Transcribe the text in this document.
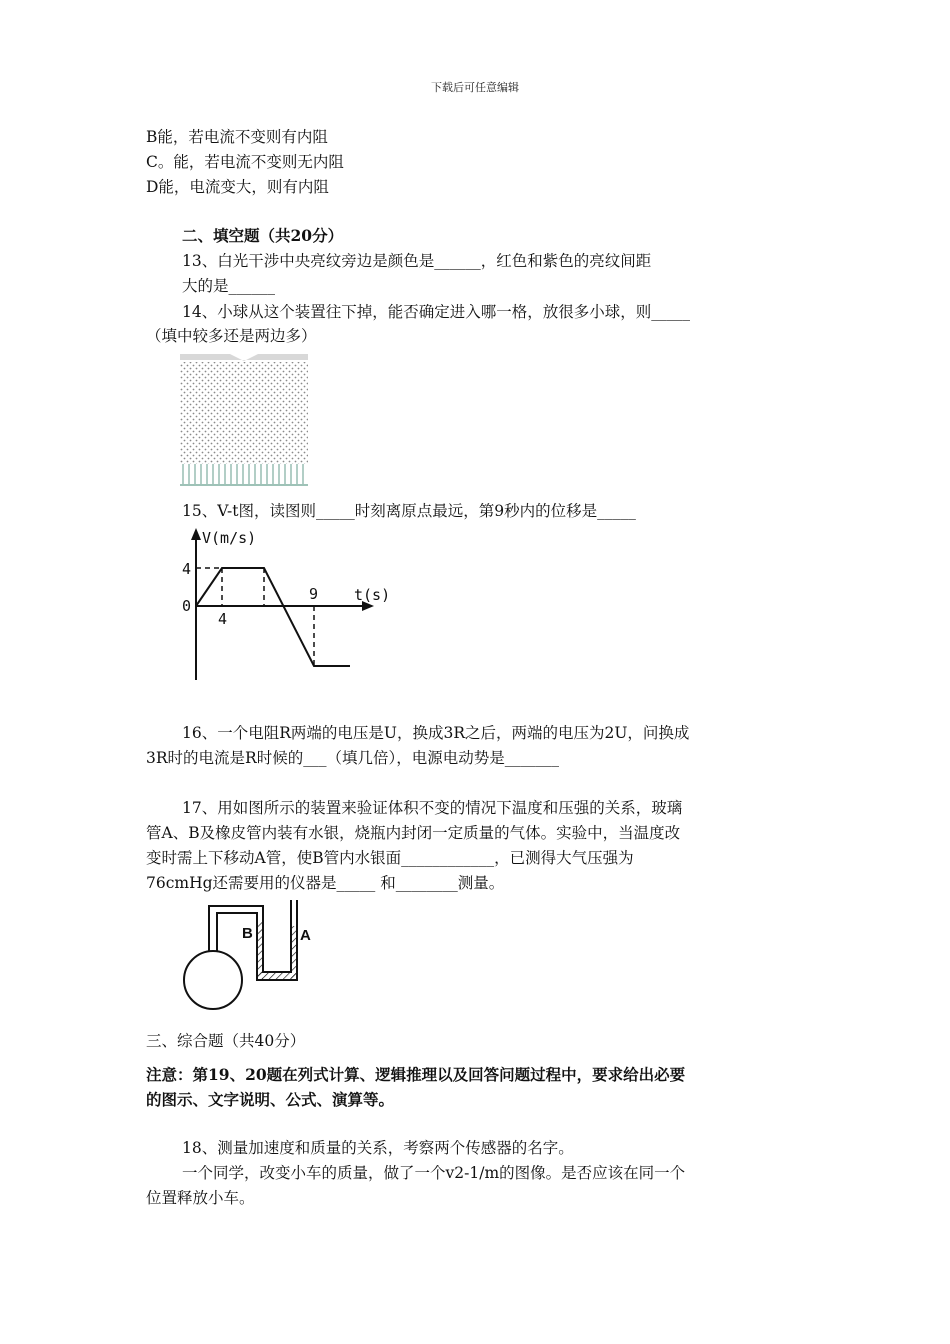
下载后可任意编辑
B能，若电流不变则有内阻
C。能，若电流不变则无内阻
D能，电流变大，则有内阻
二、填空题（共20分）
13、白光干涉中央亮纹旁边是颜色是______，红色和紫色的亮纹间距
大的是______
14、小球从这个装置往下掉，能否确定进入哪一格，放很多小球，则_____
（填中较多还是两边多）
15、V-t图，读图则_____时刻离原点最远，第9秒内的位移是_____
V(m/s)
t(s)
0
4
4
9
16、一个电阻R两端的电压是U，换成3R之后，两端的电压为2U，问换成
3R时的电流是R时候的___（填几倍），电源电动势是_______
17、用如图所示的装置来验证体积不变的情况下温度和压强的关系，玻璃
管A、B及橡皮管内装有水银，烧瓶内封闭一定质量的气体。实验中，当温度改
变时需上下移动A管，使B管内水银面____________，已测得大气压强为
76cmHg还需要用的仪器是_____ 和________测量。
B	A
三、综合题（共40分）
注意：第19、20题在列式计算、逻辑推理以及回答问题过程中，要求给出必要
的图示、文字说明、公式、演算等。
18、测量加速度和质量的关系，考察两个传感器的名字。
一个同学，改变小车的质量，做了一个v2-1/m的图像。是否应该在同一个
位置释放小车。
